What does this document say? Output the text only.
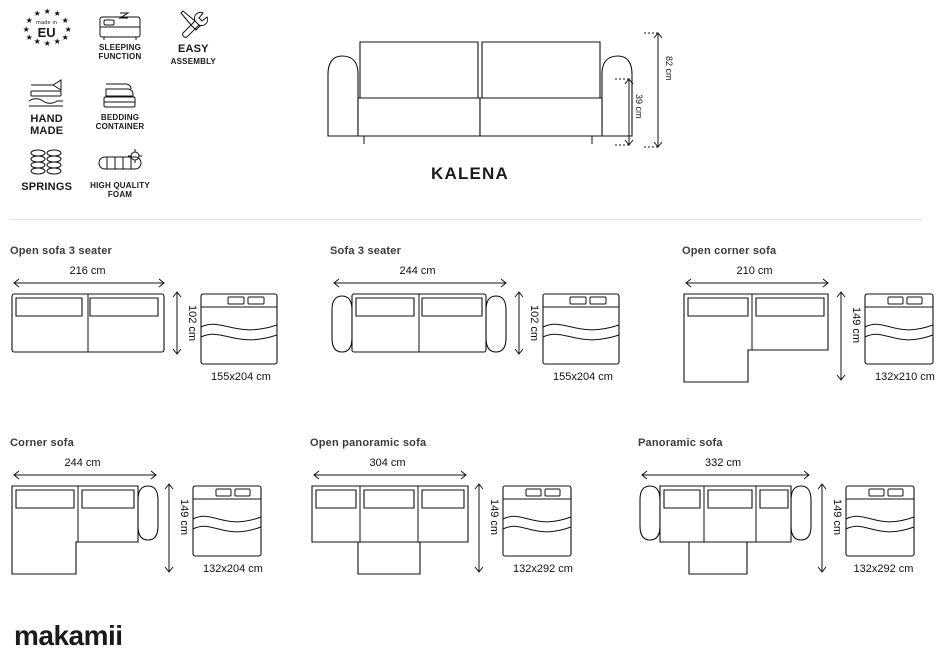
★
★ ★
★	★
★	★
★	★
★ ★
★
made in
EU
SLEEPING
FUNCTION
EASY
ASSEMBLY
HAND
MADE
BEDDING
CONTAINER
SPRINGS HIGH QUALITY
FOAM
82 cm
39 cm
KALENA
Open sofa 3 seater
216 cm
102 cm
155x204 cm
Sofa 3 seater
244 cm
102 cm
155x204 cm
Open corner sofa
210 cm
149 cm
132x210 cm
Corner sofa
244 cm
149 cm
132x204 cm
Open panoramic sofa
304 cm
149 cm
132x292 cm
Panoramic sofa
332 cm
149 cm
132x292 cm
makamii
